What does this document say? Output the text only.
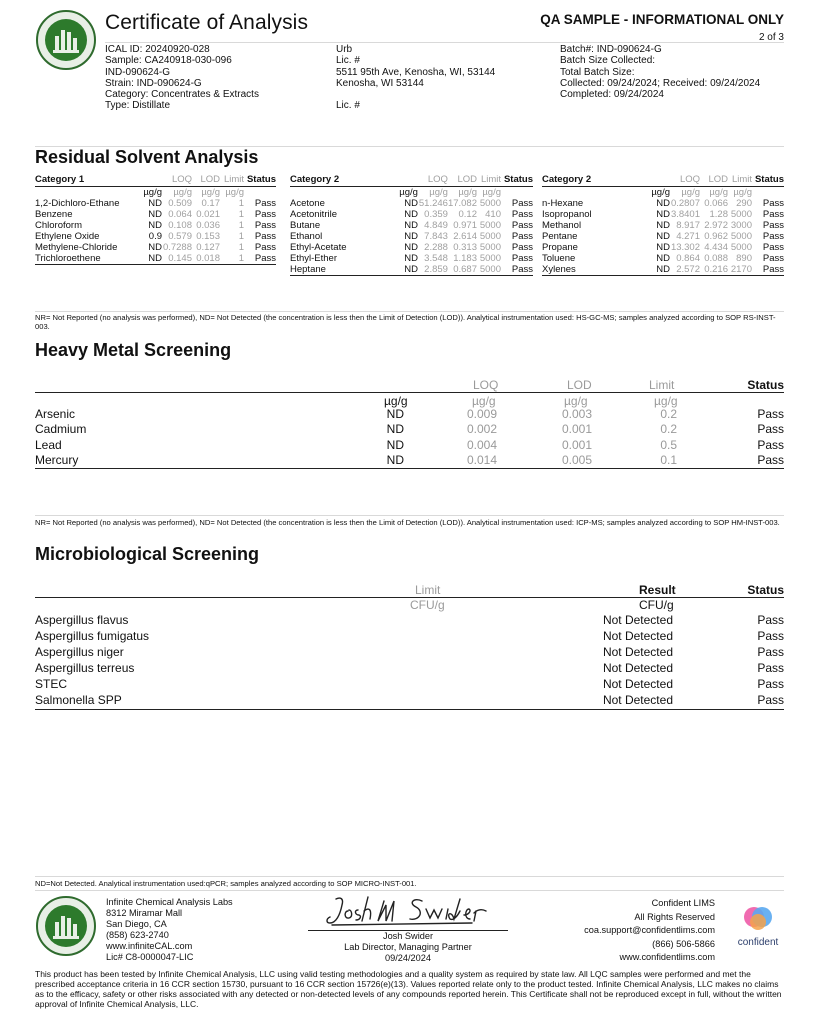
Certificate of Analysis	QA SAMPLE - INFORMATIONAL ONLY
2 of 3
ICAL ID: 20240920-028
Sample: CA240918-030-096
IND-090624-G
Strain: IND-090624-G
Category: Concentrates & Extracts
Type: Distillate
Urb
Lic. #
5511 95th Ave, Kenosha, WI, 53144
Kenosha, WI 53144
Lic. #
Batch#: IND-090624-G
Batch Size Collected:
Total Batch Size:
Collected: 09/24/2024; Received: 09/24/2024
Completed: 09/24/2024
Residual Solvent Analysis
Category 1		LOQ	LOD	Limit	Status
	µg/g	µg/g	µg/g	µg/g	
1,2-Dichloro-Ethane	ND	0.509	0.17	1	Pass
Benzene	ND	0.064	0.021	1	Pass
Chloroform	ND	0.108	0.036	1	Pass
Ethylene Oxide	0.9	0.579	0.153	1	Pass
Methylene-Chloride	ND	0.7288	0.127	1	Pass
Trichloroethene	ND	0.145	0.018	1	Pass
Category 2		LOQ	LOD	Limit	Status
	µg/g	µg/g	µg/g	µg/g	
Acetone	ND	51.246	17.082	5000	Pass
Acetonitrile	ND	0.359	0.12	410	Pass
Butane	ND	4.849	0.971	5000	Pass
Ethanol	ND	7.843	2.614	5000	Pass
Ethyl-Acetate	ND	2.288	0.313	5000	Pass
Ethyl-Ether	ND	3.548	1.183	5000	Pass
Heptane	ND	2.859	0.687	5000	Pass
Category 2		LOQ	LOD	Limit	Status
	µg/g	µg/g	µg/g	µg/g	
n-Hexane	ND	0.2807	0.066	290	Pass
Isopropanol	ND	3.8401	1.28	5000	Pass
Methanol	ND	8.917	2.972	3000	Pass
Pentane	ND	4.271	0.962	5000	Pass
Propane	ND	13.302	4.434	5000	Pass
Toluene	ND	0.864	0.088	890	Pass
Xylenes	ND	2.572	0.216	2170	Pass
NR= Not Reported (no analysis was performed), ND= Not Detected (the concentration is less then the Limit of Detection (LOD)). Analytical instrumentation used: HS-GC-MS; samples analyzed according to SOP RS-INST-003.
Heavy Metal Screening
LOQ	LOD	Limit	Status
µg/g	µg/g	µg/g	µg/g
Arsenic	ND	0.009	0.003	0.2	Pass
Cadmium	ND	0.002	0.001	0.2	Pass
Lead	ND	0.004	0.001	0.5	Pass
Mercury	ND	0.014	0.005	0.1	Pass
NR= Not Reported (no analysis was performed), ND= Not Detected (the concentration is less then the Limit of Detection (LOD)). Analytical instrumentation used: ICP-MS; samples analyzed according to SOP HM-INST-003.
Microbiological Screening
Limit	Result	Status
CFU/g	CFU/g
Aspergillus flavus	Not Detected	Pass
Aspergillus fumigatus	Not Detected	Pass
Aspergillus niger	Not Detected	Pass
Aspergillus terreus	Not Detected	Pass
STEC	Not Detected	Pass
Salmonella SPP	Not Detected	Pass
ND=Not Detected. Analytical instrumentation used:qPCR; samples analyzed according to SOP MICRO-INST-001.
Infinite Chemical Analysis Labs
8312 Miramar Mall
San Diego, CA
(858) 623-2740
www.infiniteCAL.com
Lic# C8-0000047-LIC
Josh Swider
Lab Director, Managing Partner
09/24/2024
Confident LIMS
All Rights Reserved
coa.support@confidentlims.com
(866) 506-5866
www.confidentlims.com
confident
This product has been tested by Infinite Chemical Analysis, LLC using valid testing methodologies and a quality system as required by state law. All LQC samples were performed and met the prescribed acceptance criteria in 16 CCR section 15730, pursuant to 16 CCR section 15726(e)(13). Values reported relate only to the product tested. Infinite Chemical Analysis, LLC makes no claims as to the efficacy, safety or other risks associated with any detected or non-detected levels of any compounds reported herein. This Certificate shall not be reproduced except in full, without the written approval of Infinite Chemical Analysis, LLC.
